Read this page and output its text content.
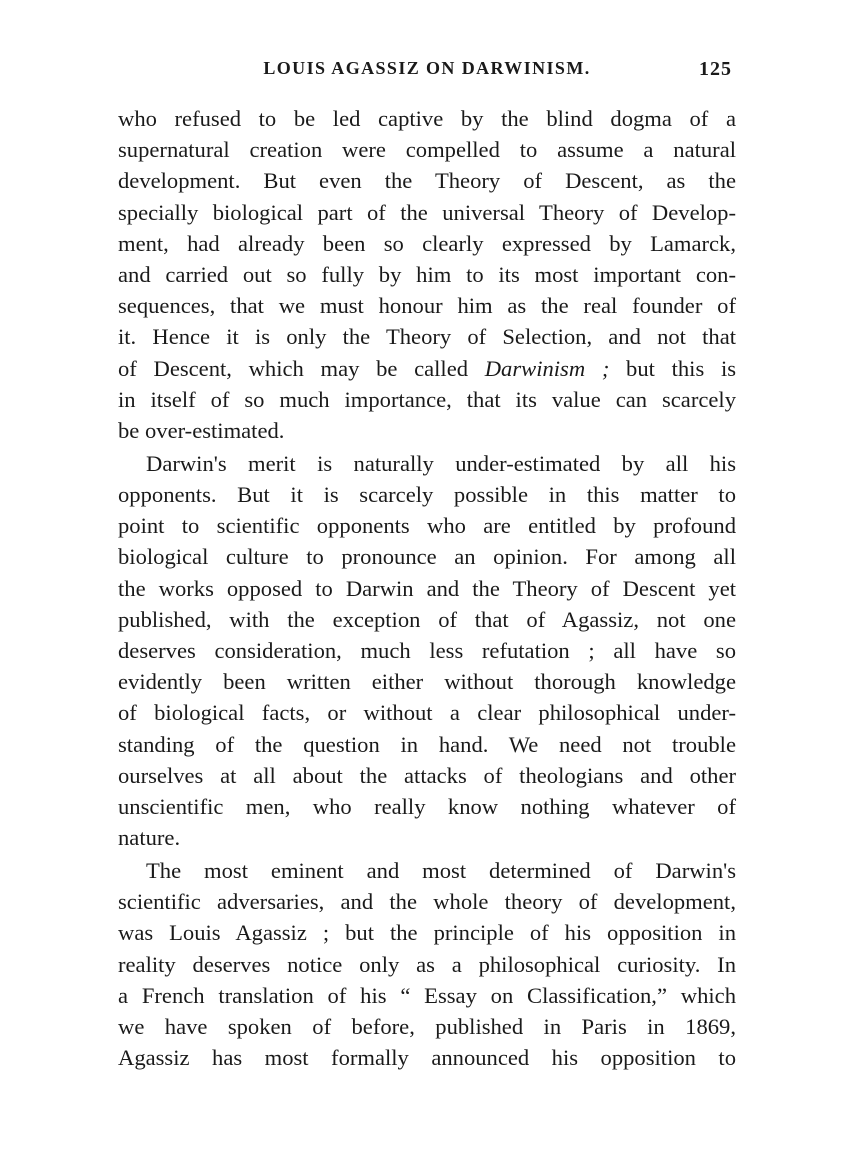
LOUIS AGASSIZ ON DARWINISM.	125
who refused to be led captive by the blind dogma of a
supernatural creation were compelled to assume a natural
development. But even the Theory of Descent, as the
specially biological part of the universal Theory of Develop-
ment, had already been so clearly expressed by Lamarck,
and carried out so fully by him to its most important con-
sequences, that we must honour him as the real founder of
it. Hence it is only the Theory of Selection, and not that
of Descent, which may be called Darwinism ; but this is
in itself of so much importance, that its value can scarcely
be over-estimated.
Darwin's merit is naturally under-estimated by all his
opponents. But it is scarcely possible in this matter to
point to scientific opponents who are entitled by profound
biological culture to pronounce an opinion. For among all
the works opposed to Darwin and the Theory of Descent yet
published, with the exception of that of Agassiz, not one
deserves consideration, much less refutation ; all have so
evidently been written either without thorough knowledge
of biological facts, or without a clear philosophical under-
standing of the question in hand. We need not trouble
ourselves at all about the attacks of theologians and other
unscientific men, who really know nothing whatever of
nature.
The most eminent and most determined of Darwin's
scientific adversaries, and the whole theory of development,
was Louis Agassiz ; but the principle of his opposition in
reality deserves notice only as a philosophical curiosity. In
a French translation of his “ Essay on Classification,” which
we have spoken of before, published in Paris in 1869,
Agassiz has most formally announced his opposition to
